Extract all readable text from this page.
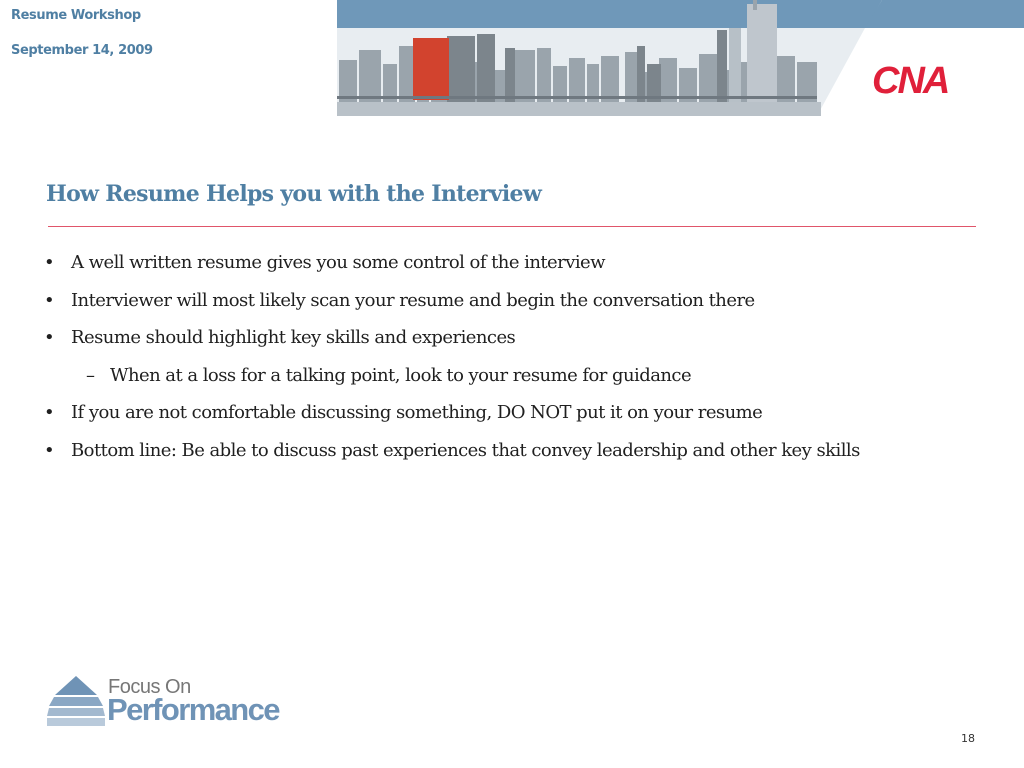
Resume Workshop
September 14, 2009
CNA
How Resume Helps you with the Interview
• A well written resume gives you some control of the interview
• Interviewer will most likely scan your resume and begin the conversation there
• Resume should highlight key skills and experiences
– When at a loss for a talking point, look to your resume for guidance
• If you are not comfortable discussing something, DO NOT put it on your resume
• Bottom line: Be able to discuss past experiences that convey leadership and other key skills
Focus On
Performance
18
